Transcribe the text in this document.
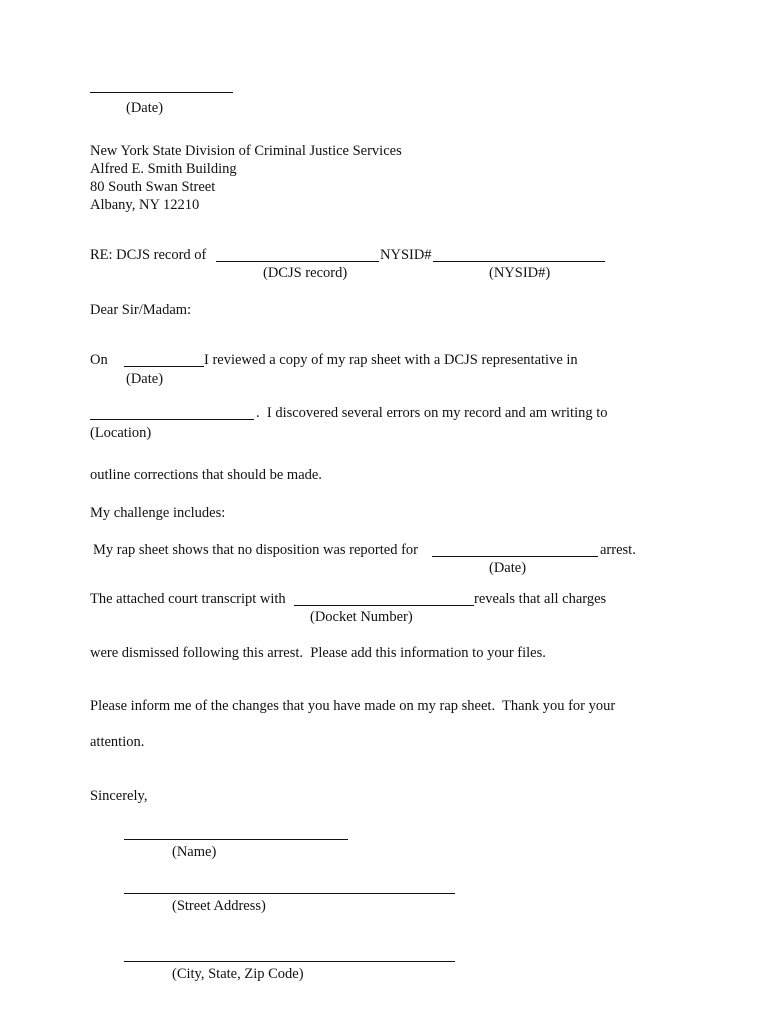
(Date)
New York State Division of Criminal Justice Services
Alfred E. Smith Building
80 South Swan Street
Albany, NY 12210
RE: DCJS record of	NYSID#
(DCJS record)	(NYSID#)
Dear Sir/Madam:
On	I reviewed a copy of my rap sheet with a DCJS representative in
(Date)
.  I discovered several errors on my record and am writing to
(Location)
outline corrections that should be made.
My challenge includes:
My rap sheet shows that no disposition was reported for	arrest.
(Date)
The attached court transcript with	reveals that all charges
(Docket Number)
were dismissed following this arrest.  Please add this information to your files.
Please inform me of the changes that you have made on my rap sheet.  Thank you for your
attention.
Sincerely,
(Name)
(Street Address)
(City, State, Zip Code)
